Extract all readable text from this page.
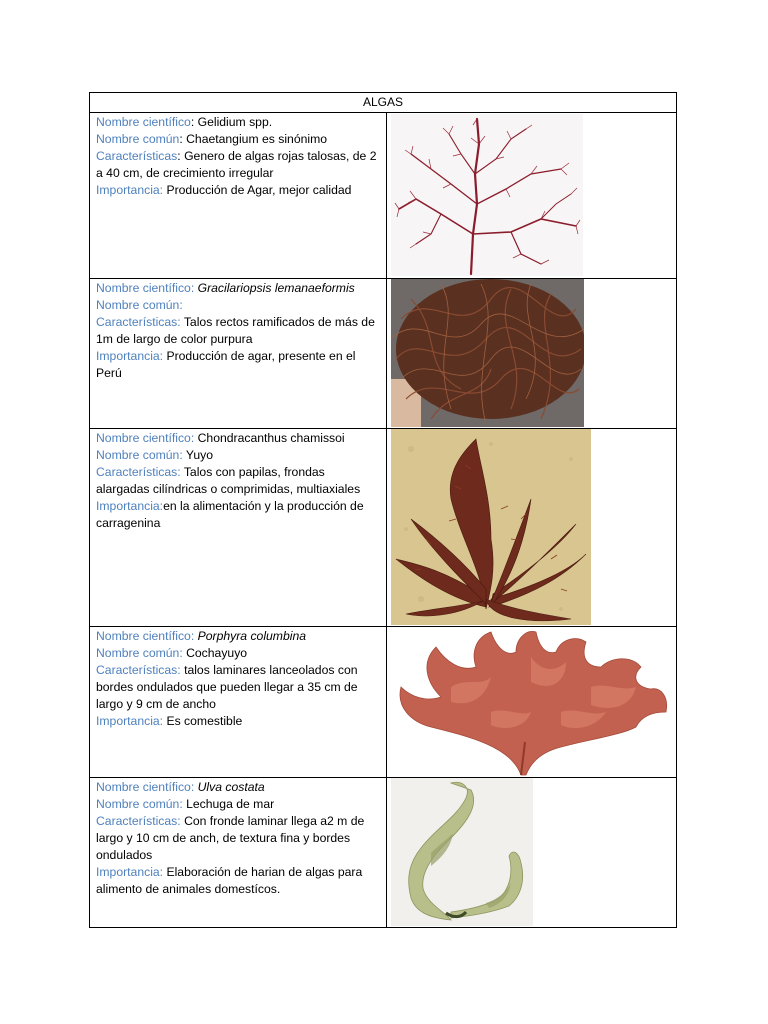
ALGAS	

Nombre científico: Gelidium spp.
Nombre común: Chaetangium es sinónimo
Características: Genero de algas rojas talosas, de 2 a 40 cm, de crecimiento irregular
Importancia: Producción de Agar, mejor calidad

Nombre científico: Gracilariopsis lemanaeformis
Nombre común:
Características: Talos rectos ramificados de más de 1m de largo de color purpura
Importancia: Producción de agar, presente en el Perú

Nombre científico: Chondracanthus chamissoi
Nombre común: Yuyo
Características: Talos con papilas, frondas alargadas cilíndricas o comprimidas, multiaxiales
Importancia:en la alimentación y la producción de carragenina

Nombre científico: Porphyra columbina
Nombre común: Cochayuyo
Características: talos laminares lanceolados con bordes ondulados que pueden llegar a 35 cm de largo y 9 cm de ancho
Importancia: Es comestible

Nombre científico: Ulva costata
Nombre común: Lechuga de mar
Características: Con fronde laminar llega a2 m de largo y 10 cm de anch, de textura fina y bordes ondulados
Importancia: Elaboración de harian de algas para alimento de animales domestícos.
